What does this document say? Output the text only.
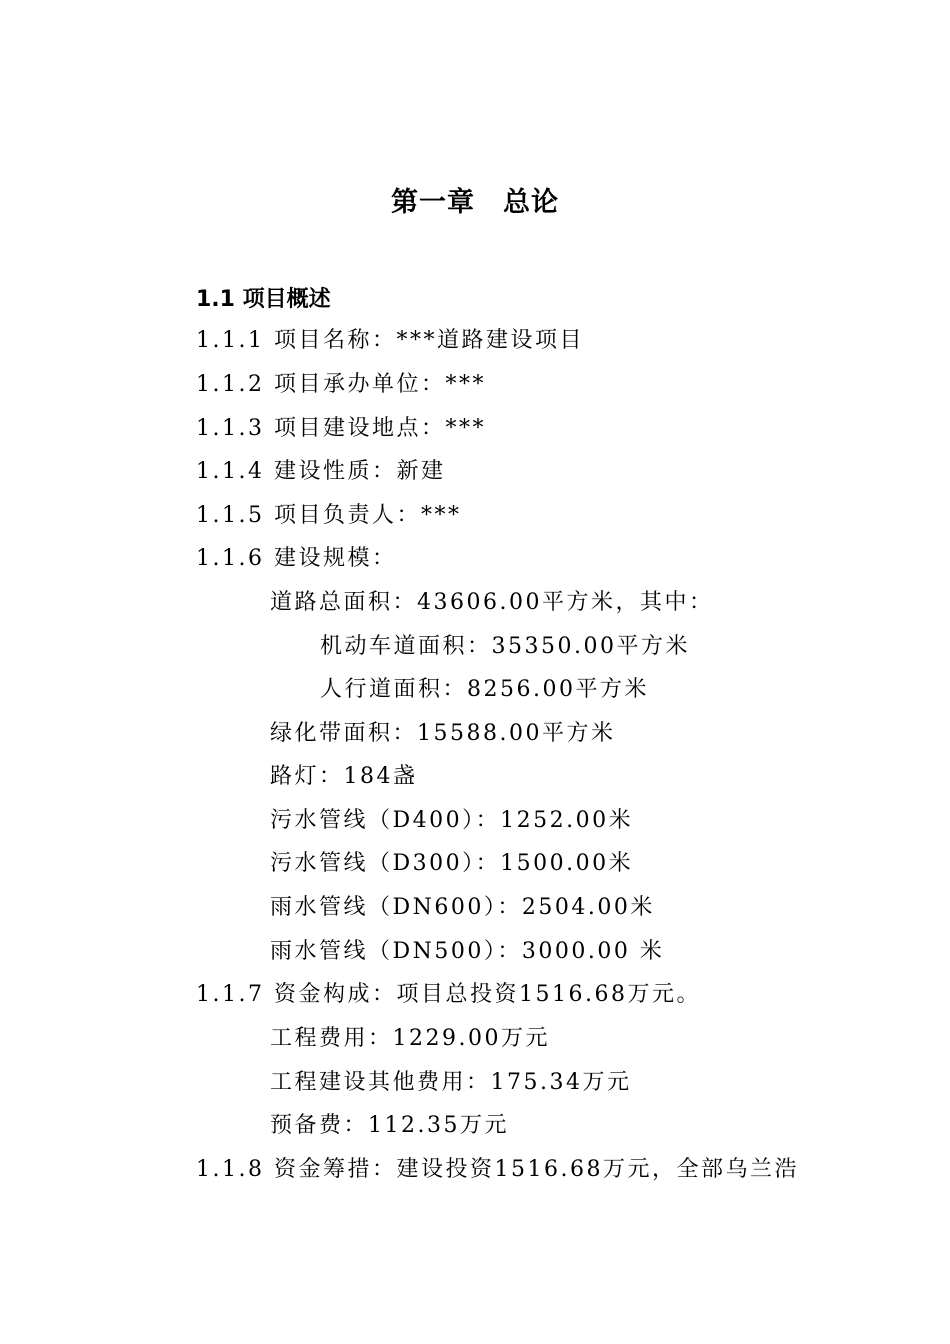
第一章　总论
1.1 项目概述
1.1.1 项目名称：***道路建设项目
1.1.2 项目承办单位：***
1.1.3 项目建设地点：***
1.1.4 建设性质：新建
1.1.5 项目负责人：***
1.1.6 建设规模：
道路总面积：43606.00平方米，其中：
机动车道面积：35350.00平方米
人行道面积：8256.00平方米
绿化带面积：15588.00平方米
路灯：184盏
污水管线（D400）：1252.00米
污水管线（D300）：1500.00米
雨水管线（DN600）：2504.00米
雨水管线（DN500）：3000.00 米
1.1.7 资金构成：项目总投资1516.68万元。
工程费用：1229.00万元
工程建设其他费用：175.34万元
预备费：112.35万元
1.1.8 资金筹措：建设投资1516.68万元，全部乌兰浩
